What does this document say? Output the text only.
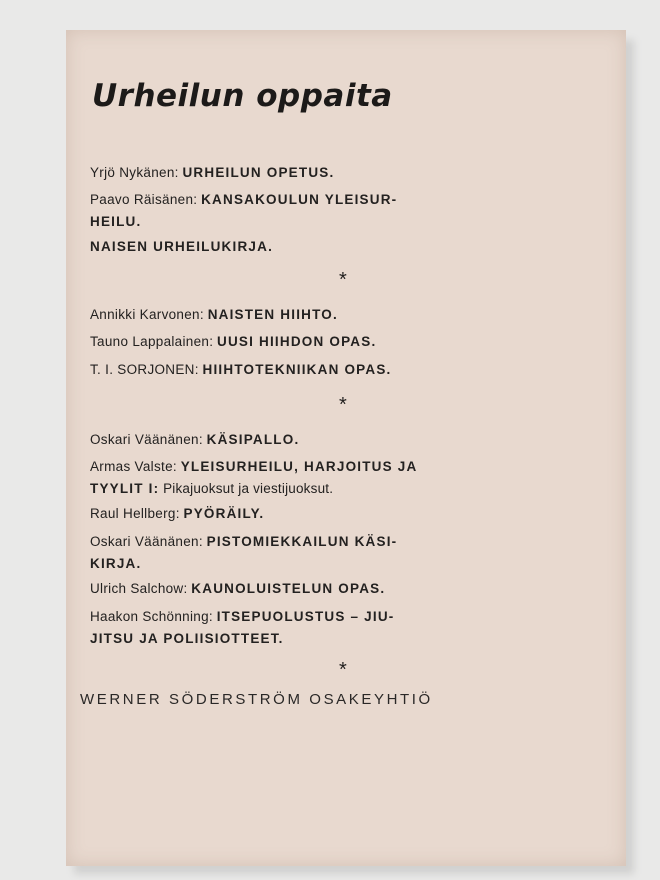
Urheilun oppaita
Yrjö Nykänen: URHEILUN OPETUS.
Paavo Räisänen: KANSAKOULUN YLEISUR-
HEILU.
NAISEN URHEILUKIRJA.
*
Annikki Karvonen: NAISTEN HIIHTO.
Tauno Lappalainen: UUSI HIIHDON OPAS.
T. I. SORJONEN: HIIHTOTEKNIIKAN OPAS.
*
Oskari Väänänen: KÄSIPALLO.
Armas Valste: YLEISURHEILU, HARJOITUS JA
TYYLIT I: Pikajuoksut ja viestijuoksut.
Raul Hellberg: PYÖRÄILY.
Oskari Väänänen: PISTOMIEKKAILUN KÄSI-
KIRJA.
Ulrich Salchow: KAUNOLUISTELUN OPAS.
Haakon Schönning: ITSEPUOLUSTUS – JIU-
JITSU JA POLIISIOTTEET.
*
WERNER SÖDERSTRÖM OSAKEYHTIÖ
